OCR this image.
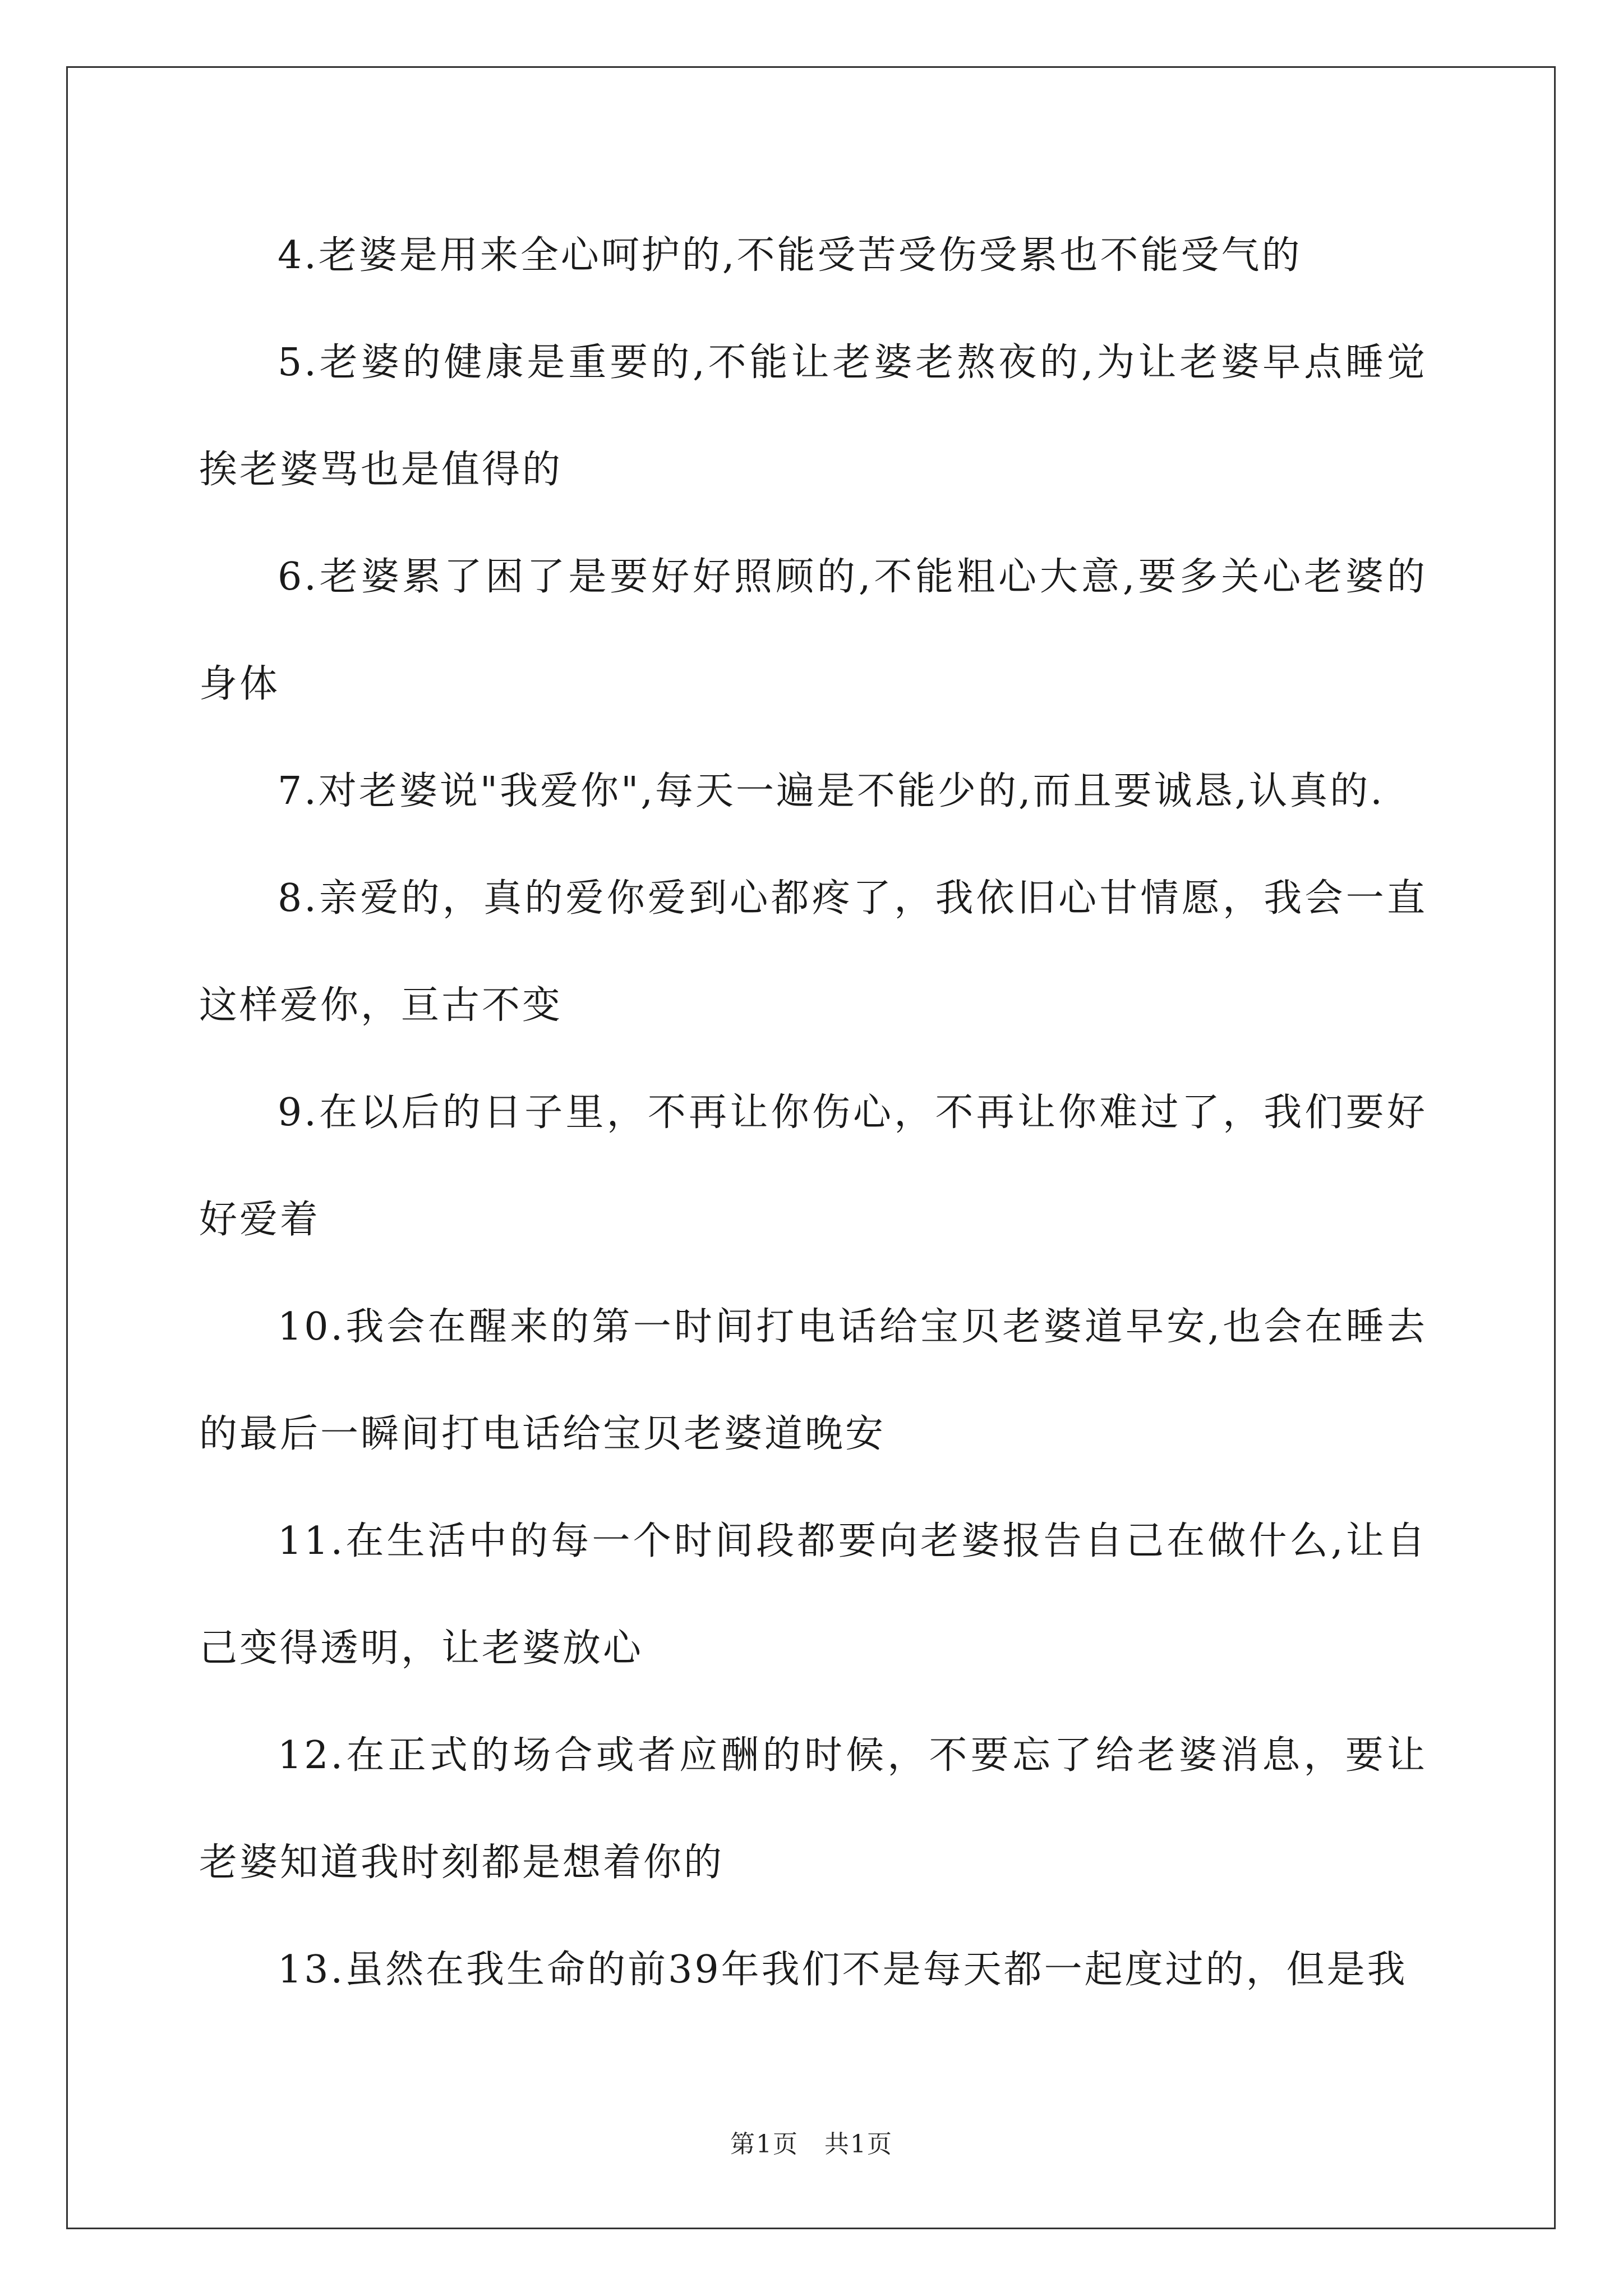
4.老婆是用来全心呵护的,不能受苦受伤受累也不能受气的

5.老婆的健康是重要的,不能让老婆老熬夜的,为让老婆早点睡觉挨老婆骂也是值得的

6.老婆累了困了是要好好照顾的,不能粗心大意,要多关心老婆的身体

7.对老婆说"我爱你",每天一遍是不能少的,而且要诚恳,认真的.

8.亲爱的，真的爱你爱到心都疼了，我依旧心甘情愿，我会一直这样爱你，亘古不变

9.在以后的日子里，不再让你伤心，不再让你难过了，我们要好好爱着

10.我会在醒来的第一时间打电话给宝贝老婆道早安,也会在睡去的最后一瞬间打电话给宝贝老婆道晚安

11.在生活中的每一个时间段都要向老婆报告自己在做什么,让自己变得透明，让老婆放心

12.在正式的场合或者应酬的时候，不要忘了给老婆消息，要让老婆知道我时刻都是想着你的

13.虽然在我生命的前39年我们不是每天都一起度过的，但是我

第1页 共1页
